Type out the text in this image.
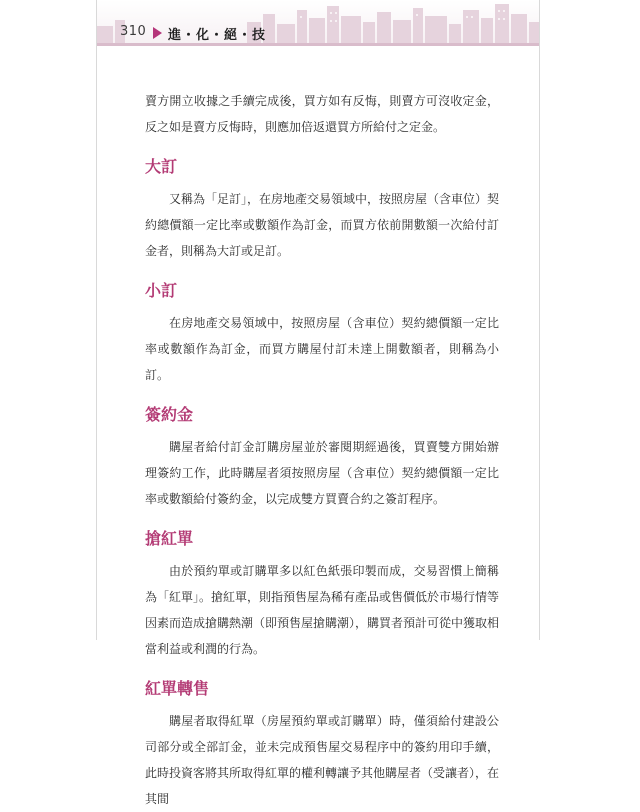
310 進・化・絕・技

賣方開立收據之手續完成後，買方如有反悔，則賣方可沒收定金，反之如是賣方反悔時，則應加倍返還買方所給付之定金。

大訂

又稱為「足訂」，在房地產交易領域中，按照房屋（含車位）契約總價額一定比率或數額作為訂金，而買方依前開數額一次給付訂金者，則稱為大訂或足訂。

小訂

在房地產交易領域中，按照房屋（含車位）契約總價額一定比率或數額作為訂金，而買方購屋付訂未達上開數額者，則稱為小訂。

簽約金

購屋者給付訂金訂購房屋並於審閱期經過後，買賣雙方開始辦理簽約工作，此時購屋者須按照房屋（含車位）契約總價額一定比率或數額給付簽約金，以完成雙方買賣合約之簽訂程序。

搶紅單

由於預約單或訂購單多以紅色紙張印製而成，交易習慣上簡稱為「紅單」。搶紅單，則指預售屋為稀有產品或售價低於市場行情等因素而造成搶購熱潮（即預售屋搶購潮），購買者預計可從中獲取相當利益或利潤的行為。

紅單轉售

購屋者取得紅單（房屋預約單或訂購單）時，僅須給付建設公司部分或全部訂金，並未完成預售屋交易程序中的簽約用印手續，此時投資客將其所取得紅單的權利轉讓予其他購屋者（受讓者），在其間
